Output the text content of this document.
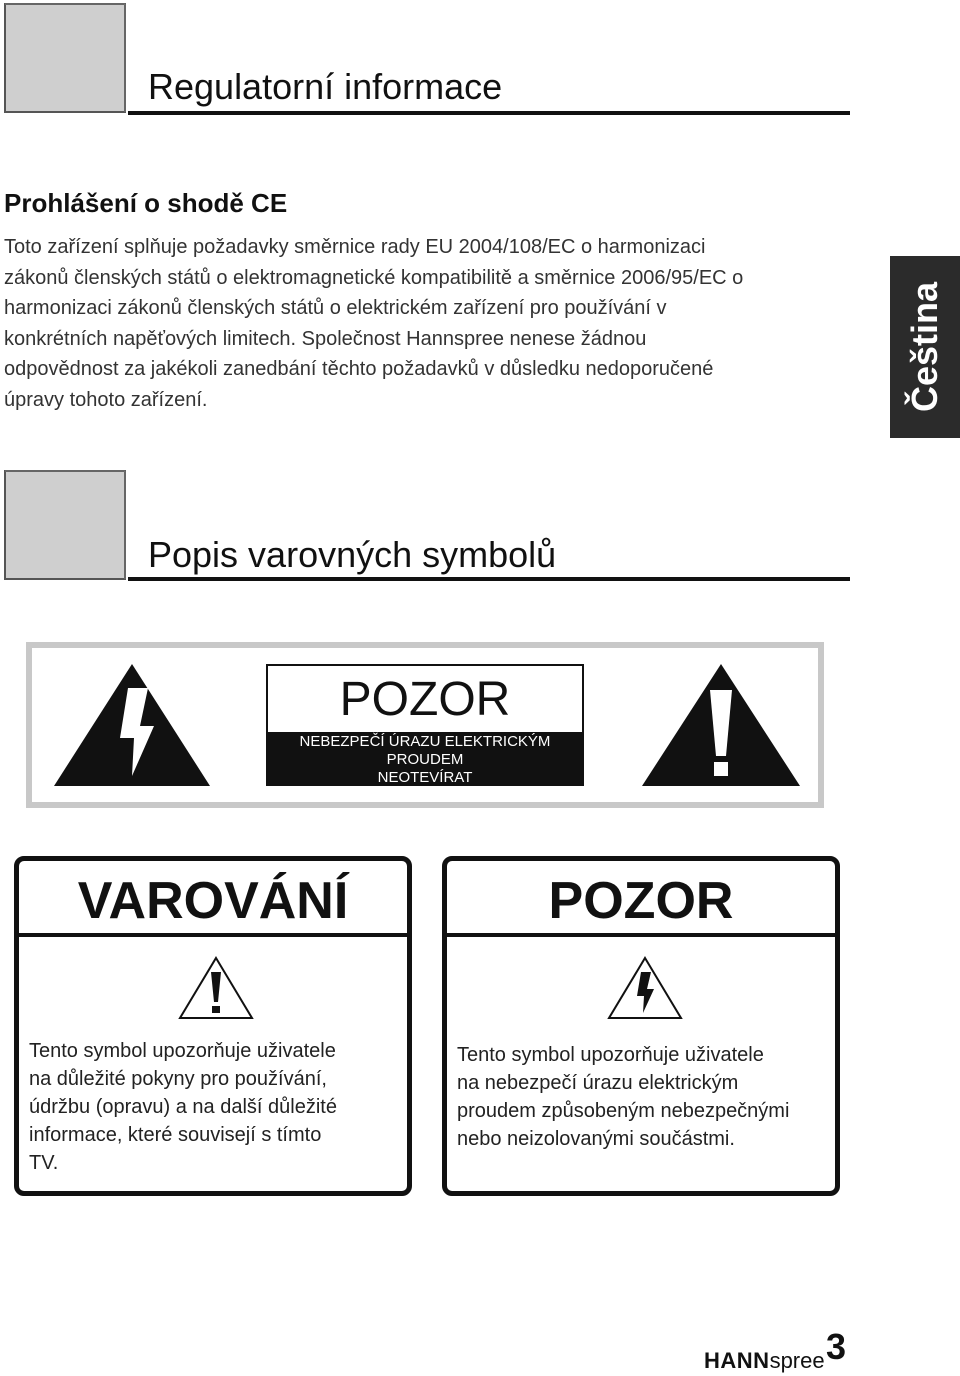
Regulatorní informace
Prohlášení o shodě CE
Toto zařízení splňuje požadavky směrnice rady EU 2004/108/EC o harmonizaci
zákonů členských států o elektromagnetické kompatibilitě a směrnice 2006/95/EC o
harmonizaci zákonů členských států o elektrickém zařízení pro používání v
konkrétních napěťových limitech. Společnost Hannspree nenese žádnou
odpovědnost za jakékoli zanedbání těchto požadavků v důsledku nedoporučené
úpravy tohoto zařízení.	Čeština
Popis varovných symbolů
POZOR
NEBEZPEČÍ ÚRAZU ELEKTRICKÝM
PROUDEM
NEOTEVÍRAT
VAROVÁNÍ
Tento symbol upozorňuje uživatele
na důležité pokyny pro používání,
údržbu (opravu) a na další důležité
informace, které souvisejí s tímto
TV.
POZOR
Tento symbol upozorňuje uživatele
na nebezpečí úrazu elektrickým
proudem způsobeným nebezpečnými
nebo neizolovanými součástmi.
HANNspree 3
